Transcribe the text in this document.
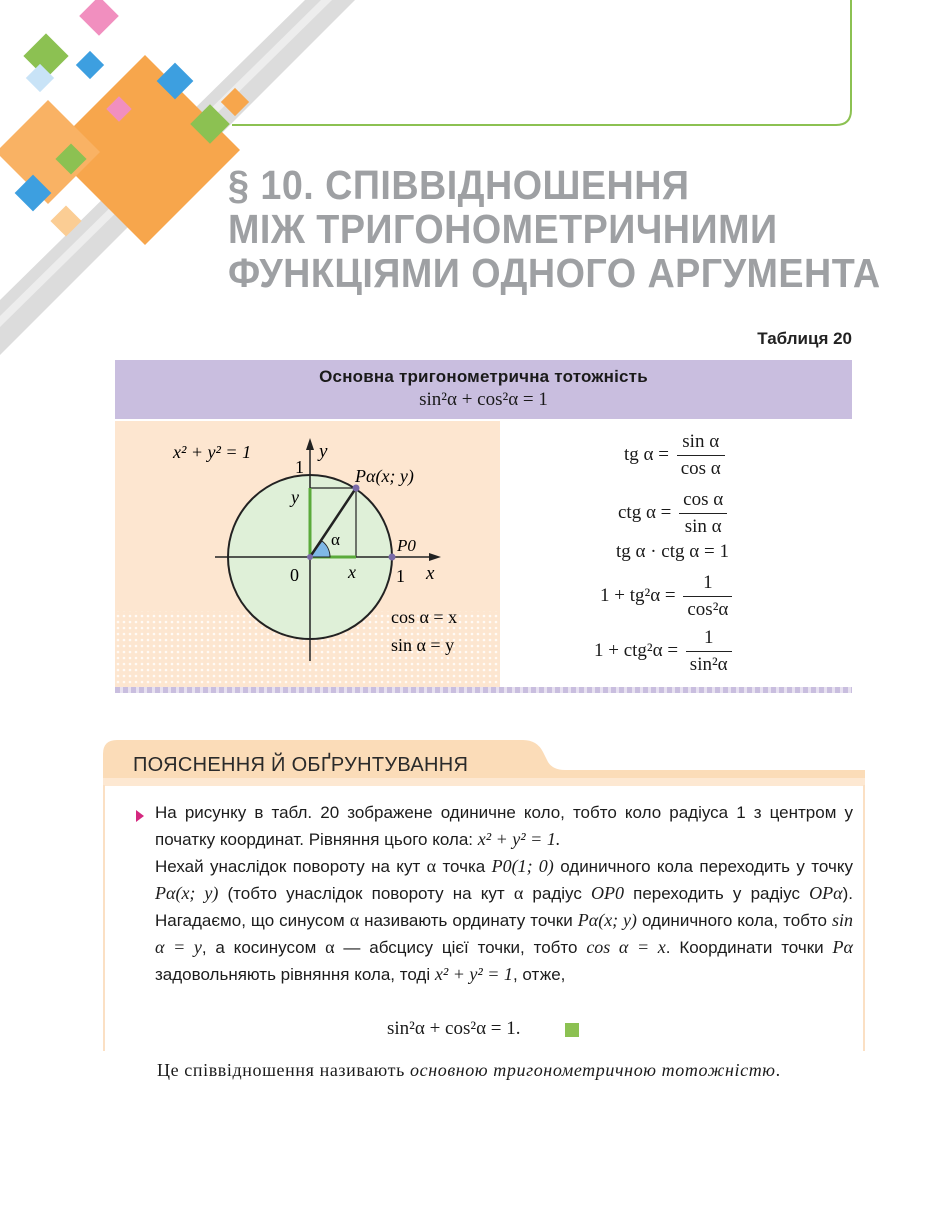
§ 10. СПІВВІДНОШЕННЯ
МІЖ ТРИГОНОМЕТРИЧНИМИ
ФУНКЦІЯМИ ОДНОГО АРГУМЕНТА
Таблиця 20
Основна тригонометрична тотожність
sin²α + cos²α = 1
x² + y² = 1	y
1	Pα(x; y)
y
α	P0
0	x 1 x
cos α = x
sin α = y
tg $\alpha = \frac{\text{sin α}}{\text{cos α}}$
ctg $\alpha = \frac{\text{cos α}}{\text{sin α}}$
tg α · ctg α = 1
$1 + tg^2\alpha = \frac{1}{\text{cos²α}}$
$1 + ctg^2\alpha = \frac{1}{\text{sin²α}}$
ПОЯСНЕННЯ Й ОБҐРУНТУВАННЯ
На рисунку в табл. 20 зображене одиничне коло, тобто коло радіуса 1 з центром у початку координат. Рівняння цього кола: x² + y² = 1.
Нехай унаслідок повороту на кут α точка P0(1; 0) одиничного кола переходить у точку Pα(x; y) (тобто унаслідок повороту на кут α радіус OP0 переходить у радіус OPα). Нагадаємо, що синусом α називають ординату точки Pα(x; y) одиничного кола, тобто sin α = y, а косинусом α — абсцису цієї точки, тобто cos α = x. Координати точки Pα задовольняють рівняння кола, тоді x² + y² = 1, отже,
sin²α + cos²α = 1.
Це співвідношення називають основною тригонометричною тотожністю.
